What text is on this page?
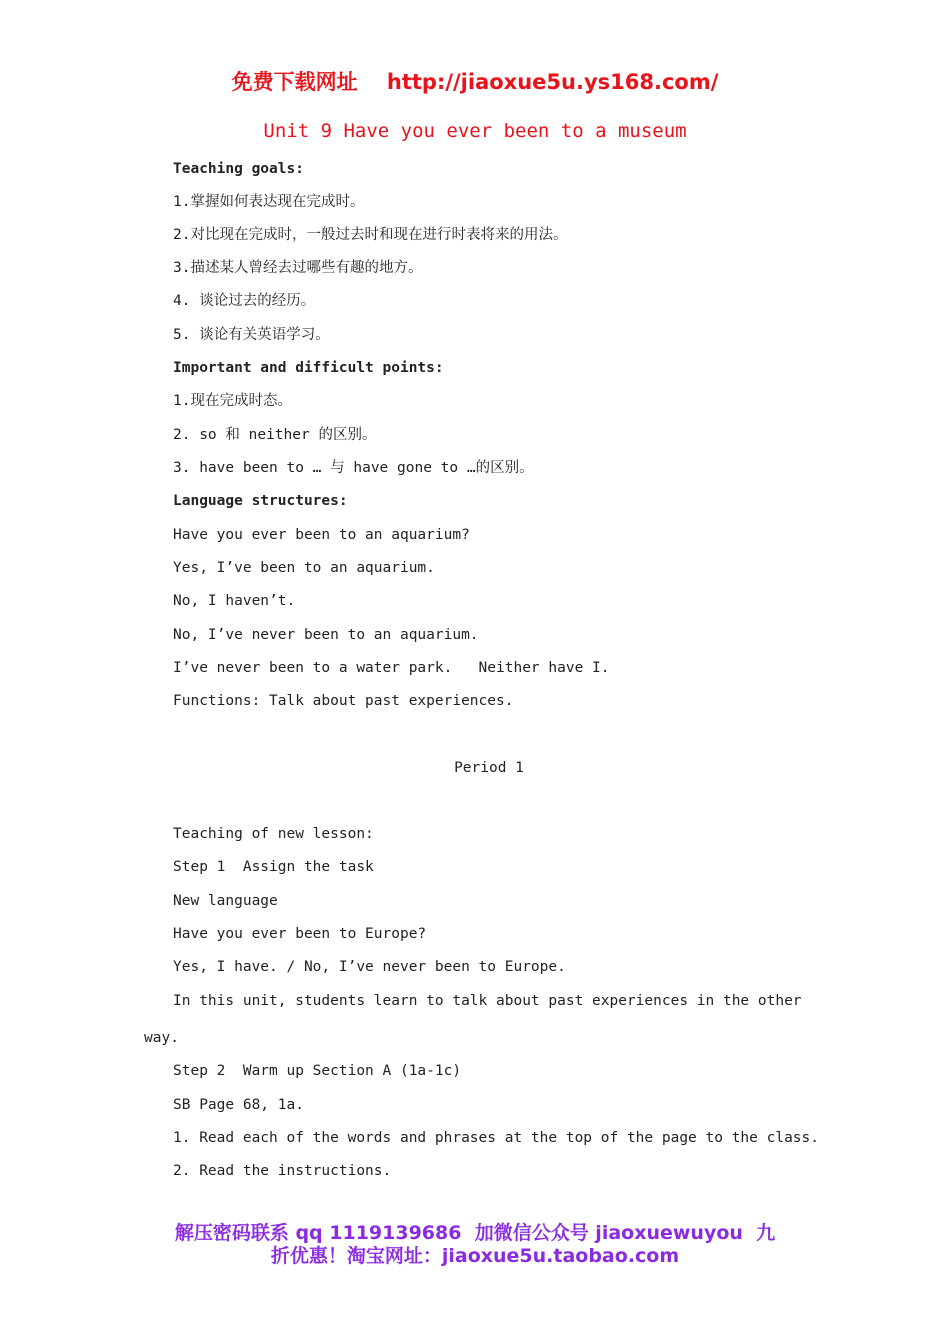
免费下载网址 http://jiaoxue5u.ys168.com/
Unit 9 Have you ever been to a museum
Teaching goals:
1.掌握如何表达现在完成时。
2.对比现在完成时，一般过去时和现在进行时表将来的用法。
3.描述某人曾经去过哪些有趣的地方。
4. 谈论过去的经历。
5. 谈论有关英语学习。
Important and difficult points:
1.现在完成时态。
2. so 和 neither 的区别。
3. have been to … 与 have gone to …的区别。
Language structures:
Have you ever been to an aquarium?
Yes, I’ve been to an aquarium.
No, I haven’t.
No, I’ve never been to an aquarium.
I’ve never been to a water park.   Neither have I.
Functions: Talk about past experiences.
Period 1
Teaching of new lesson:
Step 1  Assign the task
New language
Have you ever been to Europe?
Yes, I have. / No, I’ve never been to Europe.
In this unit, students learn to talk about past experiences in the other
way.
Step 2  Warm up Section A (1a-1c)
SB Page 68, 1a.
1. Read each of the words and phrases at the top of the page to the class.
2. Read the instructions.
解压密码联系 qq 1119139686  加微信公众号 jiaoxuewuyou  九
折优惠！淘宝网址：jiaoxue5u.taobao.com
